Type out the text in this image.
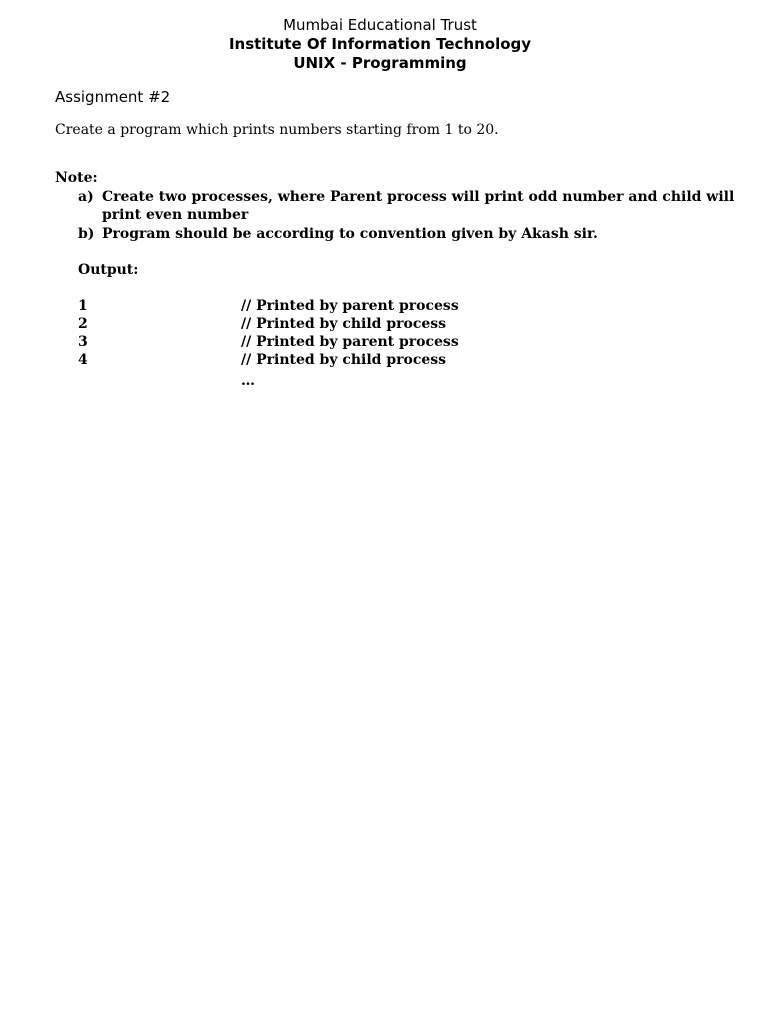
Mumbai Educational Trust
Institute Of Information Technology
UNIX - Programming
Assignment #2
Create a program which prints numbers starting from 1 to 20.
Note:
a) Create two processes, where Parent process will print odd number and child will
print even number
b) Program should be according to convention given by Akash sir.
Output:
1	// Printed by parent process
2	// Printed by child process
3	// Printed by parent process
4	// Printed by child process
…
